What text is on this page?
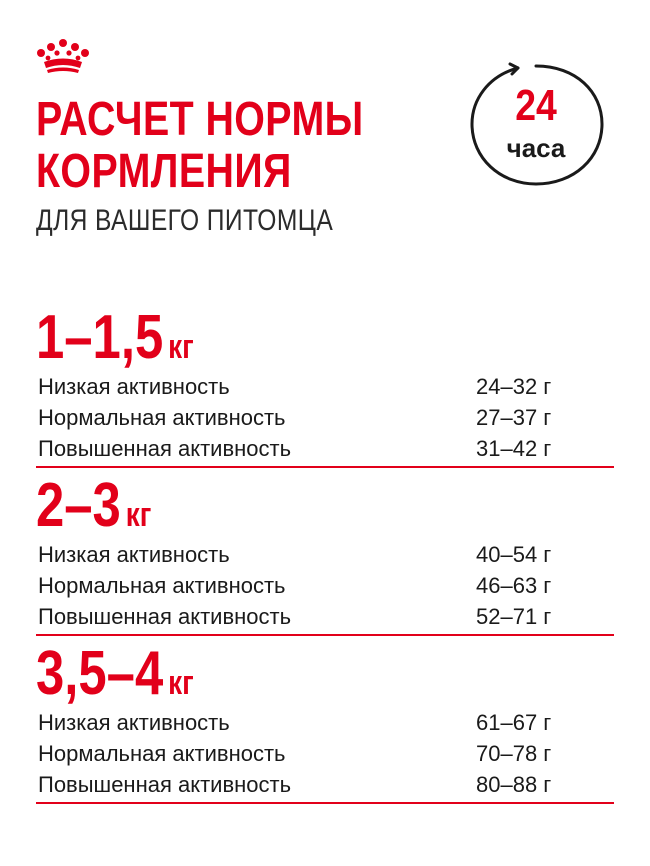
РАСЧЕТ НОРМЫ
КОРМЛЕНИЯ
ДЛЯ ВАШЕГО ПИТОМЦА
24
часа
1–1,5 кг
Низкая активность	24–32 г
Нормальная активность	27–37 г
Повышенная активность	31–42 г
2–3 кг
Низкая активность	40–54 г
Нормальная активность	46–63 г
Повышенная активность	52–71 г
3,5–4 кг
Низкая активность	61–67 г
Нормальная активность	70–78 г
Повышенная активность	80–88 г
